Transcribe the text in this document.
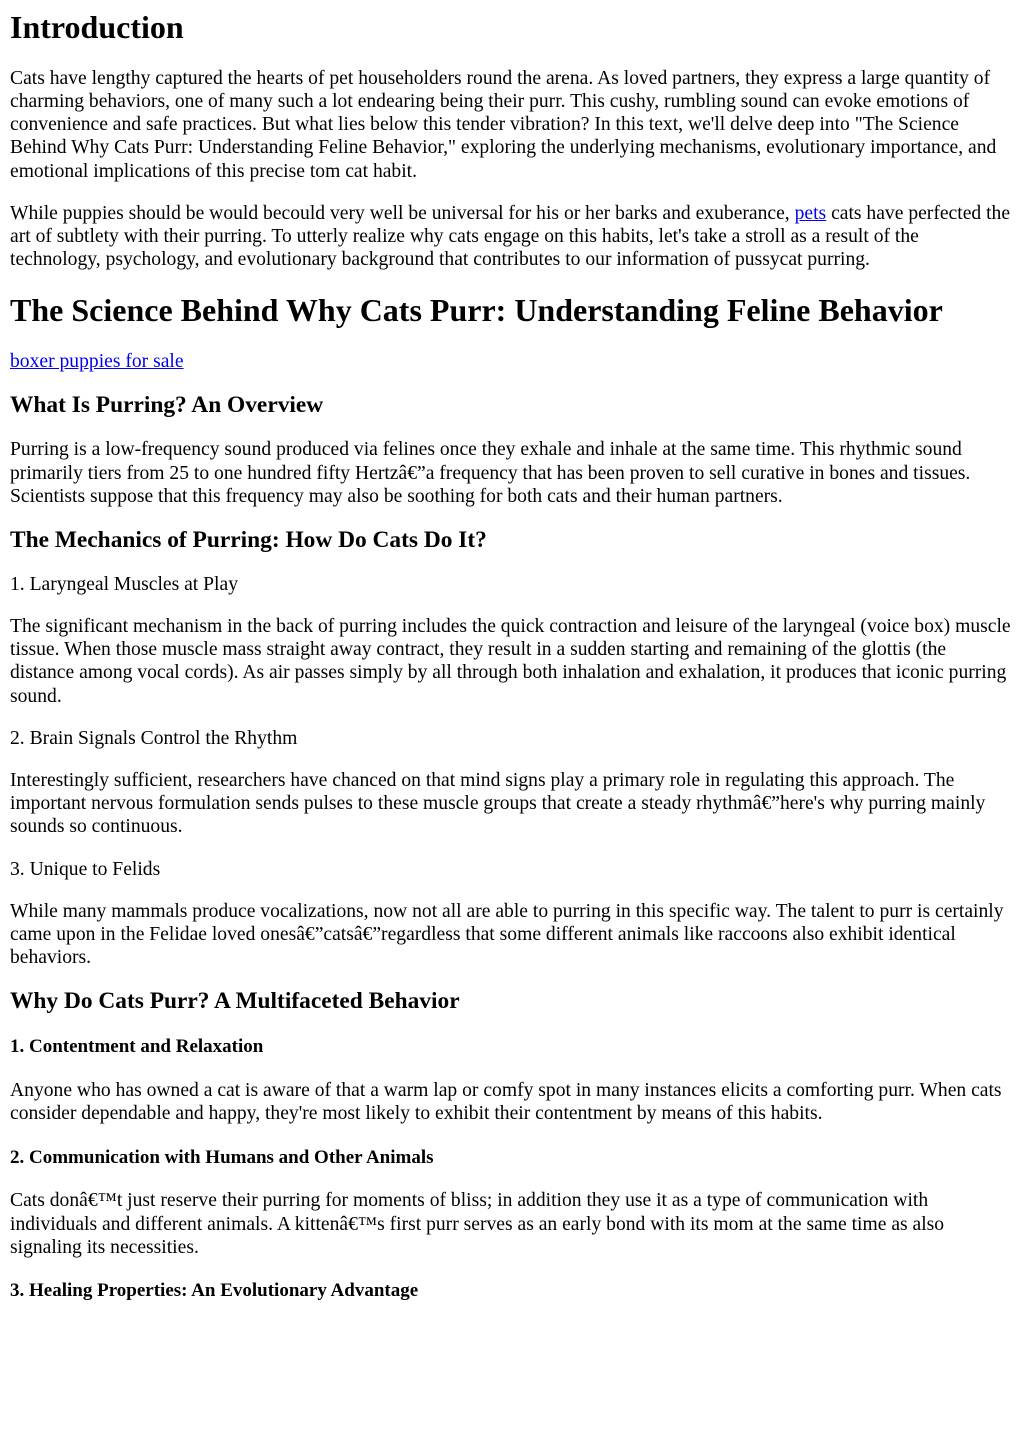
Introduction

Cats have lengthy captured the hearts of pet householders round the arena. As loved partners, they express a large quantity of charming behaviors, one of many such a lot endearing being their purr. This cushy, rumbling sound can evoke emotions of convenience and safe practices. But what lies below this tender vibration? In this text, we'll delve deep into "The Science Behind Why Cats Purr: Understanding Feline Behavior," exploring the underlying mechanisms, evolutionary importance, and emotional implications of this precise tom cat habit.

While puppies should be would becould very well be universal for his or her barks and exuberance, pets cats have perfected the art of subtlety with their purring. To utterly realize why cats engage on this habits, let's take a stroll as a result of the technology, psychology, and evolutionary background that contributes to our information of pussycat purring.

The Science Behind Why Cats Purr: Understanding Feline Behavior

boxer puppies for sale

What Is Purring? An Overview

Purring is a low-frequency sound produced via felines once they exhale and inhale at the same time. This rhythmic sound primarily tiers from 25 to one hundred fifty Hertzâ€”a frequency that has been proven to sell curative in bones and tissues. Scientists suppose that this frequency may also be soothing for both cats and their human partners.

The Mechanics of Purring: How Do Cats Do It?

1. Laryngeal Muscles at Play

The significant mechanism in the back of purring includes the quick contraction and leisure of the laryngeal (voice box) muscle tissue. When those muscle mass straight away contract, they result in a sudden starting and remaining of the glottis (the distance among vocal cords). As air passes simply by all through both inhalation and exhalation, it produces that iconic purring sound.

2. Brain Signals Control the Rhythm

Interestingly sufficient, researchers have chanced on that mind signs play a primary role in regulating this approach. The important nervous formulation sends pulses to these muscle groups that create a steady rhythmâ€”here's why purring mainly sounds so continuous.

3. Unique to Felids

While many mammals produce vocalizations, now not all are able to purring in this specific way. The talent to purr is certainly came upon in the Felidae loved onesâ€”catsâ€”regardless that some different animals like raccoons also exhibit identical behaviors.

Why Do Cats Purr? A Multifaceted Behavior
1. Contentment and Relaxation

Anyone who has owned a cat is aware of that a warm lap or comfy spot in many instances elicits a comforting purr. When cats consider dependable and happy, they're most likely to exhibit their contentment by means of this habits.

2. Communication with Humans and Other Animals

Cats donâ€™t just reserve their purring for moments of bliss; in addition they use it as a type of communication with individuals and different animals. A kittenâ€™s first purr serves as an early bond with its mom at the same time as also signaling its necessities.

3. Healing Properties: An Evolutionary Advantage
